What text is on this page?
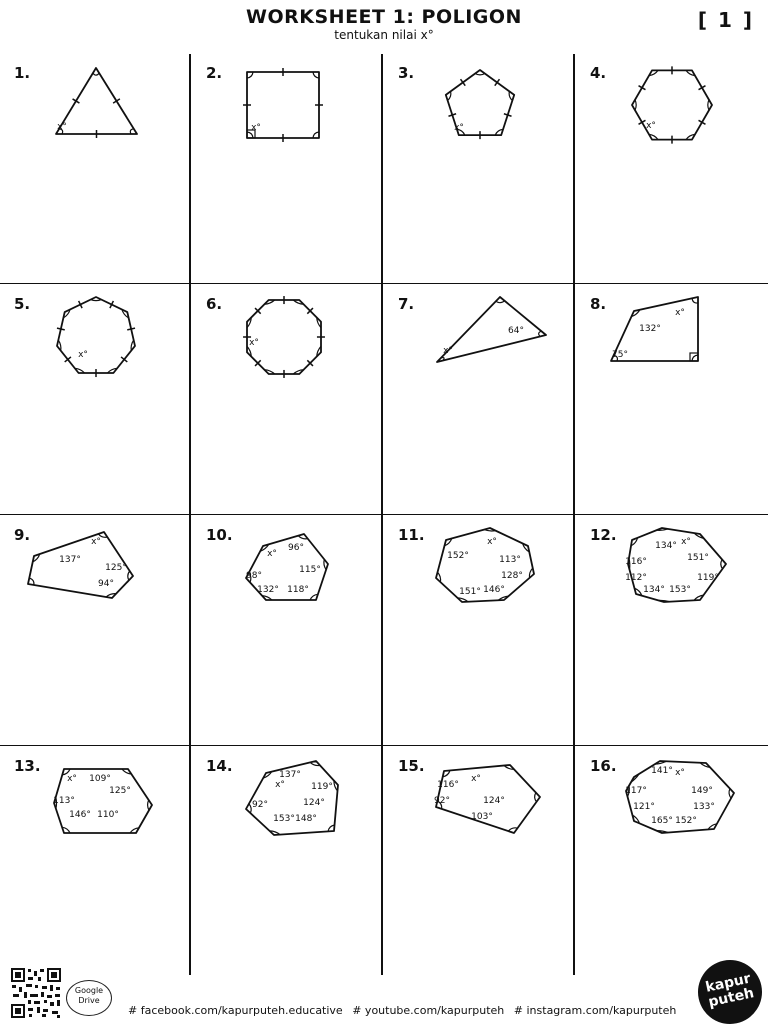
WORKSHEET 1: POLIGON
tentukan nilai x°
[ 1 ]
1.
x°
2.
x°
3.
x°
4.
x°
5.
x°
6.
x°
7.
x°
64°
8.
132°
x°
75°
9.
137°
x°
125°
94°
10.
x°
96°
115°
98°
132° 118°
11.
152°
x°
113°
128°
151° 146°
12.
134° x°
151°
116°
112°	119°
134° 153°
13.
x° 109°
125°
113°
146° 110°
14.	137°
x°	119°
92°	124°
153° 148°
15.
116°
x°
92°	124°
103°
16.	141° x°
117°	149°
121°	133°
165° 152°
Google Drive
# facebook.com/kapurputeh.educative # youtube.com/kapurputeh # instagram.com/kapurputeh
kapur puteh
